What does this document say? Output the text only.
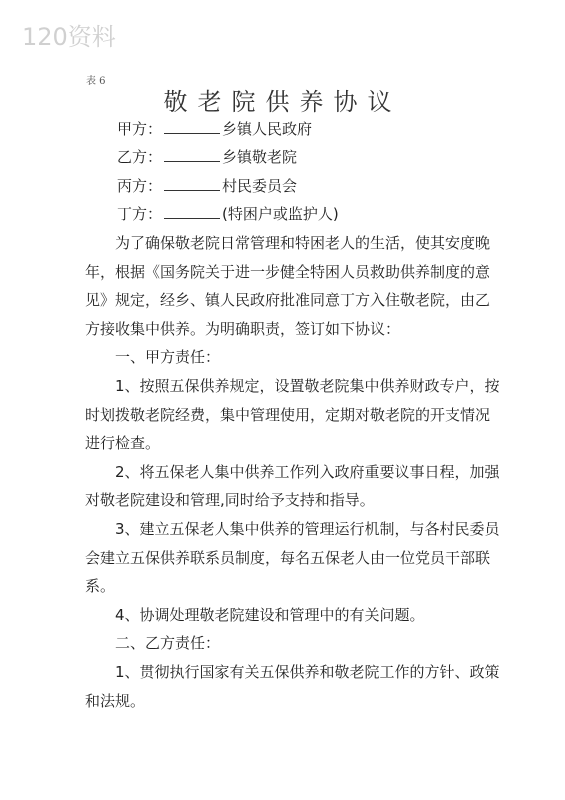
120资料
表 6
敬老院供养协议
甲方：	乡镇人民政府
乙方：	乡镇敬老院
丙方：	村民委员会
丁方：	(特困户或监护人)

为了确保敬老院日常管理和特困老人的生活，使其安度晚年，根据《国务院关于进一步健全特困人员救助供养制度的意见》规定，经乡、镇人民政府批准同意丁方入住敬老院，由乙方接收集中供养。为明确职责，签订如下协议：

一、甲方责任：

1、按照五保供养规定，设置敬老院集中供养财政专户，按时划拨敬老院经费，集中管理使用，定期对敬老院的开支情况进行检查。

2、将五保老人集中供养工作列入政府重要议事日程，加强对敬老院建设和管理,同时给予支持和指导。

3、建立五保老人集中供养的管理运行机制，与各村民委员会建立五保供养联系员制度，每名五保老人由一位党员干部联系。

4、协调处理敬老院建设和管理中的有关问题。

二、乙方责任：

1、贯彻执行国家有关五保供养和敬老院工作的方针、政策和法规。
